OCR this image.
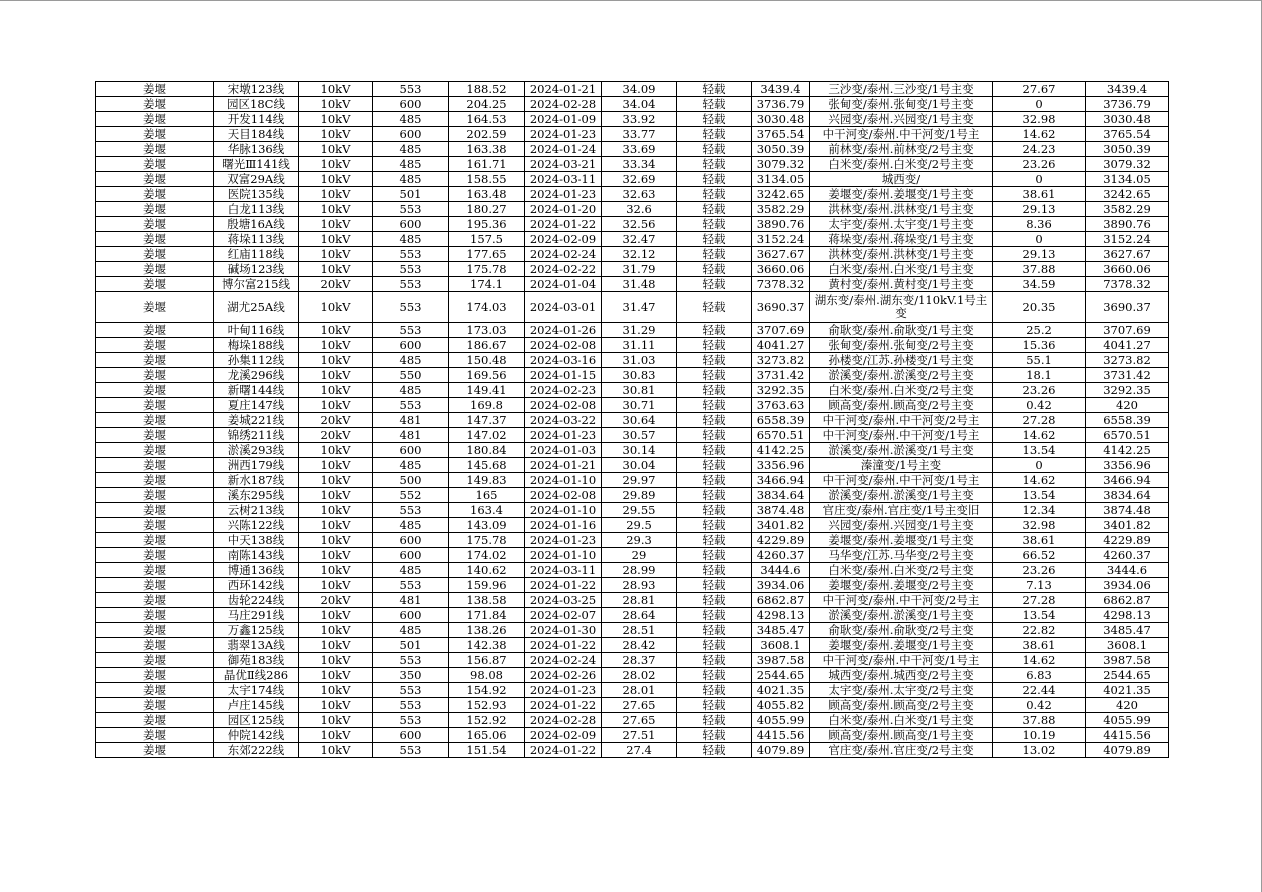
姜堰	宋墩123线	10kV	553	188.52	2024-01-21	34.09	轻载	3439.4	三沙变/泰州.三沙变/1号主变	27.67	3439.4
姜堰	园区18C线	10kV	600	204.25	2024-02-28	34.04	轻载	3736.79	张甸变/泰州.张甸变/1号主变	0	3736.79
姜堰	开发114线	10kV	485	164.53	2024-01-09	33.92	轻载	3030.48	兴园变/泰州.兴园变/1号主变	32.98	3030.48
姜堰	天目184线	10kV	600	202.59	2024-01-23	33.77	轻载	3765.54	中干河变/泰州.中干河变/1号主	14.62	3765.54
姜堰	华脉136线	10kV	485	163.38	2024-01-24	33.69	轻载	3050.39	前林变/泰州.前林变/2号主变	24.23	3050.39
姜堰	曙光Ⅲ141线	10kV	485	161.71	2024-03-21	33.34	轻载	3079.32	白米变/泰州.白米变/2号主变	23.26	3079.32
姜堰	双富29A线	10kV	485	158.55	2024-03-11	32.69	轻载	3134.05	城西变/	0	3134.05
姜堰	医院135线	10kV	501	163.48	2024-01-23	32.63	轻载	3242.65	姜堰变/泰州.姜堰变/1号主变	38.61	3242.65
姜堰	白龙113线	10kV	553	180.27	2024-01-20	32.6	轻载	3582.29	洪林变/泰州.洪林变/1号主变	29.13	3582.29
姜堰	殷塘16A线	10kV	600	195.36	2024-01-22	32.56	轻载	3890.76	太宇变/泰州.太宇变/1号主变	8.36	3890.76
姜堰	蒋垛113线	10kV	485	157.5	2024-02-09	32.47	轻载	3152.24	蒋垛变/泰州.蒋垛变/1号主变	0	3152.24
姜堰	红庙118线	10kV	553	177.65	2024-02-24	32.12	轻载	3627.67	洪林变/泰州.洪林变/1号主变	29.13	3627.67
姜堰	碱场123线	10kV	553	175.78	2024-02-22	31.79	轻载	3660.06	白米变/泰州.白米变/1号主变	37.88	3660.06
姜堰	博尔富215线	20kV	553	174.1	2024-01-04	31.48	轻载	7378.32	黄村变/泰州.黄村变/1号主变	34.59	7378.32
姜堰	湖尤25A线	10kV	553	174.03	2024-03-01	31.47	轻载	3690.37	湖东变/泰州.湖东变/110kV.1号主变	20.35	3690.37
姜堰	叶甸116线	10kV	553	173.03	2024-01-26	31.29	轻载	3707.69	俞耿变/泰州.俞耿变/1号主变	25.2	3707.69
姜堰	梅垛188线	10kV	600	186.67	2024-02-08	31.11	轻载	4041.27	张甸变/泰州.张甸变/2号主变	15.36	4041.27
姜堰	孙集112线	10kV	485	150.48	2024-03-16	31.03	轻载	3273.82	孙楼变/江苏.孙楼变/1号主变	55.1	3273.82
姜堰	龙溪296线	10kV	550	169.56	2024-01-15	30.83	轻载	3731.42	淤溪变/泰州.淤溪变/2号主变	18.1	3731.42
姜堰	新曙144线	10kV	485	149.41	2024-02-23	30.81	轻载	3292.35	白米变/泰州.白米变/2号主变	23.26	3292.35
姜堰	夏庄147线	10kV	553	169.8	2024-02-08	30.71	轻载	3763.63	顾高变/泰州.顾高变/2号主变	0.42	420
姜堰	姜城221线	20kV	481	147.37	2024-03-22	30.64	轻载	6558.39	中干河变/泰州.中干河变/2号主	27.28	6558.39
姜堰	锦绣211线	20kV	481	147.02	2024-01-23	30.57	轻载	6570.51	中干河变/泰州.中干河变/1号主	14.62	6570.51
姜堰	淤溪293线	10kV	600	180.84	2024-01-03	30.14	轻载	4142.25	淤溪变/泰州.淤溪变/1号主变	13.54	4142.25
姜堰	洲西179线	10kV	485	145.68	2024-01-21	30.04	轻载	3356.96	溱潼变/1号主变	0	3356.96
姜堰	新水187线	10kV	500	149.83	2024-01-10	29.97	轻载	3466.94	中干河变/泰州.中干河变/1号主	14.62	3466.94
姜堰	溪东295线	10kV	552	165	2024-02-08	29.89	轻载	3834.64	淤溪变/泰州.淤溪变/1号主变	13.54	3834.64
姜堰	云树213线	10kV	553	163.4	2024-01-10	29.55	轻载	3874.48	官庄变/泰州.官庄变/1号主变旧	12.34	3874.48
姜堰	兴陈122线	10kV	485	143.09	2024-01-16	29.5	轻载	3401.82	兴园变/泰州.兴园变/1号主变	32.98	3401.82
姜堰	中天138线	10kV	600	175.78	2024-01-23	29.3	轻载	4229.89	姜堰变/泰州.姜堰变/1号主变	38.61	4229.89
姜堰	南陈143线	10kV	600	174.02	2024-01-10	29	轻载	4260.37	马华变/江苏.马华变/2号主变	66.52	4260.37
姜堰	博通136线	10kV	485	140.62	2024-03-11	28.99	轻载	3444.6	白米变/泰州.白米变/2号主变	23.26	3444.6
姜堰	西环142线	10kV	553	159.96	2024-01-22	28.93	轻载	3934.06	姜堰变/泰州.姜堰变/2号主变	7.13	3934.06
姜堰	齿轮224线	20kV	481	138.58	2024-03-25	28.81	轻载	6862.87	中干河变/泰州.中干河变/2号主	27.28	6862.87
姜堰	马庄291线	10kV	600	171.84	2024-02-07	28.64	轻载	4298.13	淤溪变/泰州.淤溪变/1号主变	13.54	4298.13
姜堰	万鑫125线	10kV	485	138.26	2024-01-30	28.51	轻载	3485.47	俞耿变/泰州.俞耿变/2号主变	22.82	3485.47
姜堰	翡翠13A线	10kV	501	142.38	2024-01-22	28.42	轻载	3608.1	姜堰变/泰州.姜堰变/1号主变	38.61	3608.1
姜堰	御苑183线	10kV	553	156.87	2024-02-24	28.37	轻载	3987.58	中干河变/泰州.中干河变/1号主	14.62	3987.58
姜堰	晶优Ⅱ线286	10kV	350	98.08	2024-02-26	28.02	轻载	2544.65	城西变/泰州.城西变/2号主变	6.83	2544.65
姜堰	太宇174线	10kV	553	154.92	2024-01-23	28.01	轻载	4021.35	太宇变/泰州.太宇变/2号主变	22.44	4021.35
姜堰	卢庄145线	10kV	553	152.93	2024-01-22	27.65	轻载	4055.82	顾高变/泰州.顾高变/2号主变	0.42	420
姜堰	园区125线	10kV	553	152.92	2024-02-28	27.65	轻载	4055.99	白米变/泰州.白米变/1号主变	37.88	4055.99
姜堰	仲院142线	10kV	600	165.06	2024-02-09	27.51	轻载	4415.56	顾高变/泰州.顾高变/1号主变	10.19	4415.56
姜堰	东郊222线	10kV	553	151.54	2024-01-22	27.4	轻载	4079.89	官庄变/泰州.官庄变/2号主变	13.02	4079.89
